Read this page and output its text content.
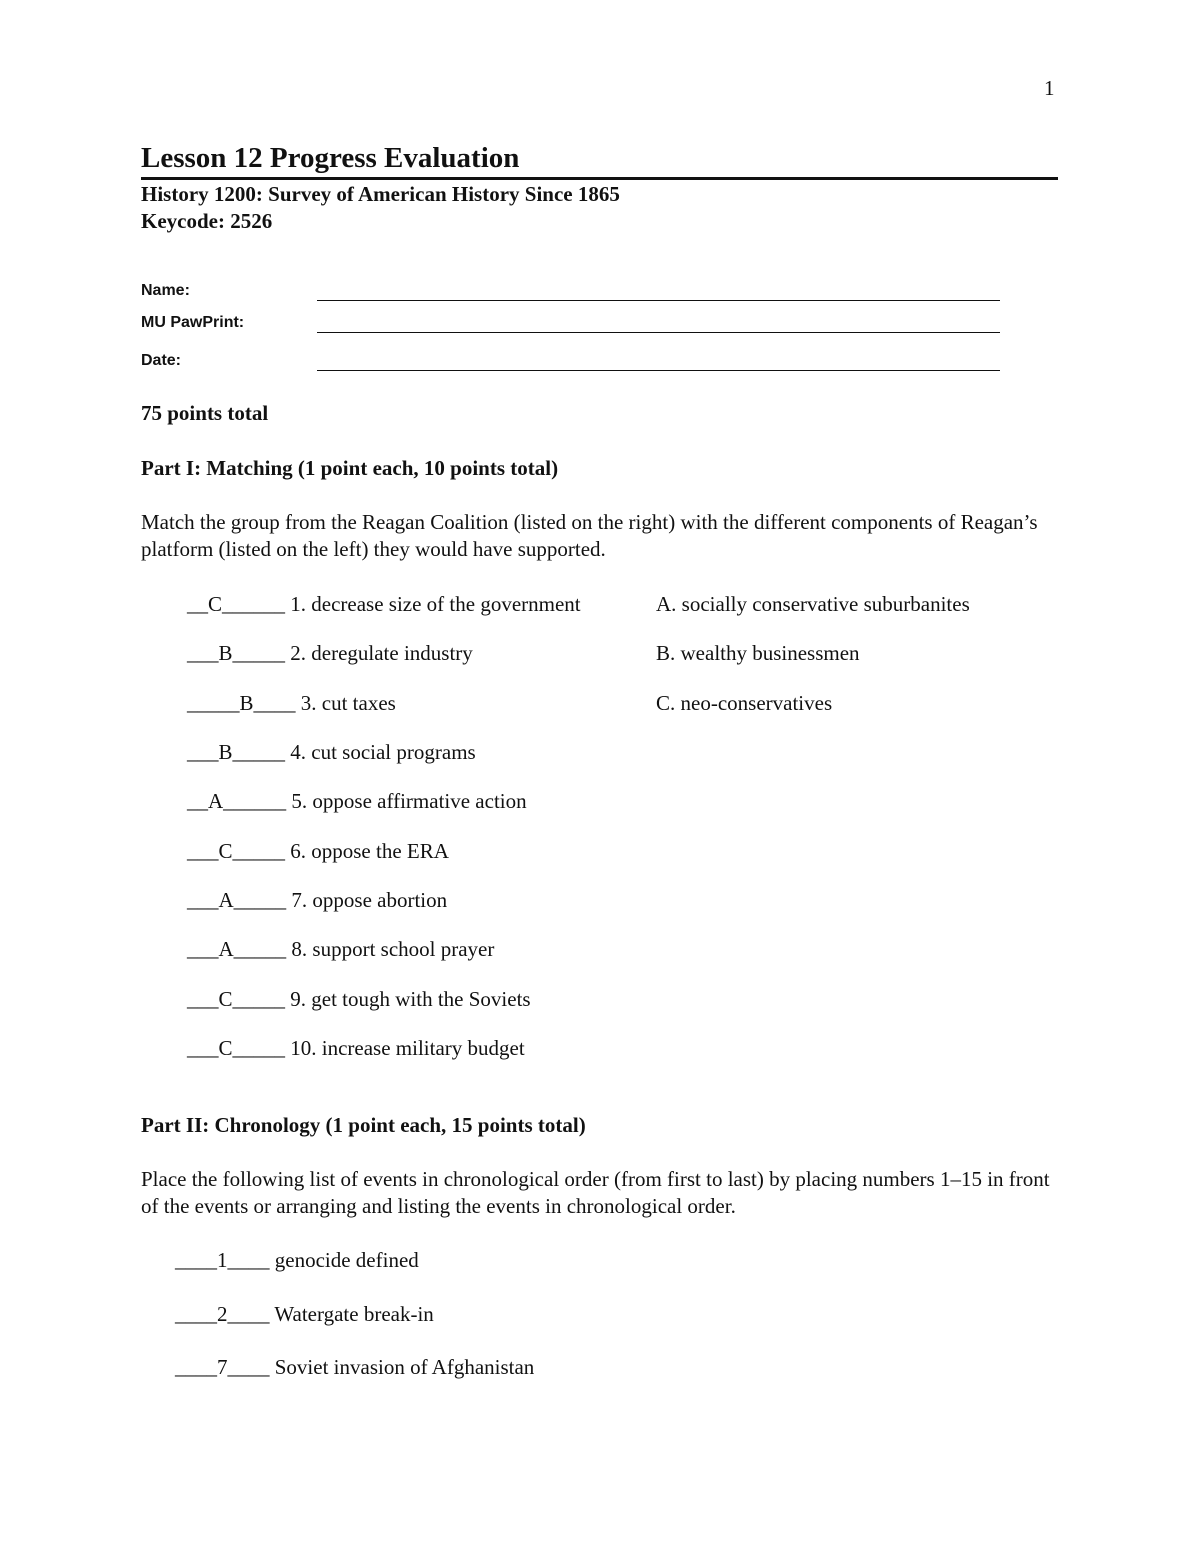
1
Lesson 12 Progress Evaluation
History 1200: Survey of American History Since 1865
Keycode: 2526
Name:
MU PawPrint:
Date:
75 points total
Part I: Matching (1 point each, 10 points total)
Match the group from the Reagan Coalition (listed on the right) with the different components of Reagan’s platform (listed on the left) they would have supported.
__C______ 1. decrease size of the government
___B_____ 2. deregulate industry
_____B____ 3. cut taxes
___B_____ 4. cut social programs
__A______ 5. oppose affirmative action
___C_____ 6. oppose the ERA
___A_____ 7. oppose abortion
___A_____ 8. support school prayer
___C_____ 9. get tough with the Soviets
___C_____ 10. increase military budget
A. socially conservative suburbanites
B. wealthy businessmen
C. neo-conservatives
Part II: Chronology (1 point each, 15 points total)
Place the following list of events in chronological order (from first to last) by placing numbers 1–15 in front of the events or arranging and listing the events in chronological order.
____1____ genocide defined
____2____ Watergate break-in
____7____ Soviet invasion of Afghanistan
